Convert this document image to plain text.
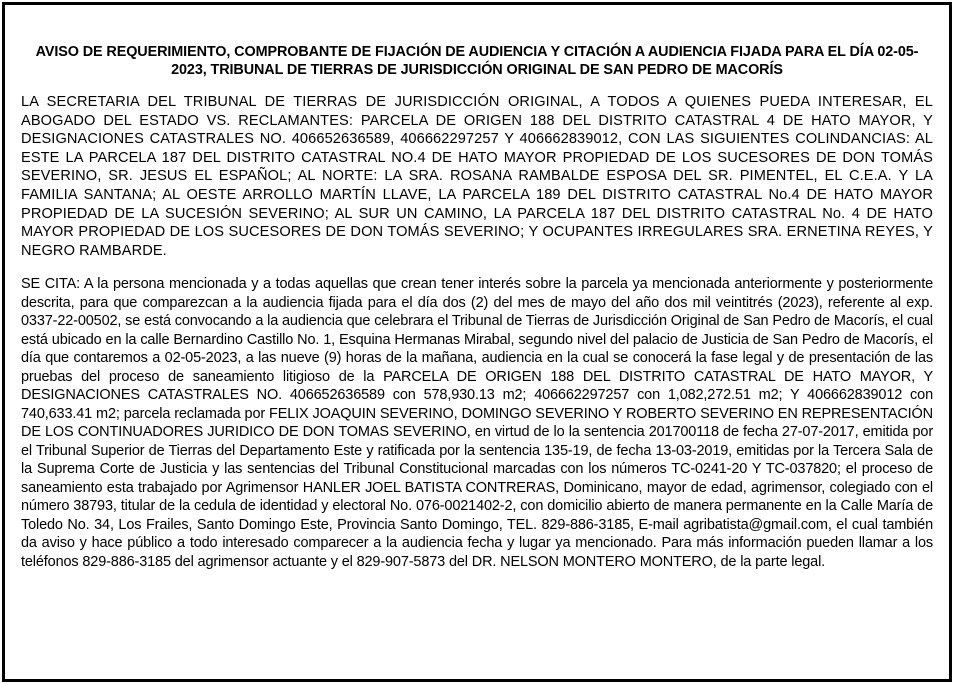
AVISO DE REQUERIMIENTO, COMPROBANTE DE FIJACIÓN DE AUDIENCIA Y CITACIÓN A AUDIENCIA FIJADA PARA EL DÍA 02-05-2023, TRIBUNAL DE TIERRAS DE JURISDICCIÓN ORIGINAL DE SAN PEDRO DE MACORÍS

LA SECRETARIA DEL TRIBUNAL DE TIERRAS DE JURISDICCIÓN ORIGINAL, A TODOS A QUIENES PUEDA INTERESAR, EL ABOGADO DEL ESTADO VS. RECLAMANTES: PARCELA DE ORIGEN 188 DEL DISTRITO CATASTRAL 4 DE HATO MAYOR, Y DESIGNACIONES CATASTRALES NO. 406652636589, 406662297257 Y 406662839012, CON LAS SIGUIENTES COLINDANCIAS: AL ESTE LA PARCELA 187 DEL DISTRITO CATASTRAL NO.4 DE HATO MAYOR PROPIEDAD DE LOS SUCESORES DE DON TOMÁS SEVERINO, SR. JESUS EL ESPAÑOL; AL NORTE: LA SRA. ROSANA RAMBALDE ESPOSA DEL SR. PIMENTEL, EL C.E.A. Y LA FAMILIA SANTANA; AL OESTE ARROLLO MARTÍN LLAVE, LA PARCELA 189 DEL DISTRITO CATASTRAL No.4 DE HATO MAYOR PROPIEDAD DE LA SUCESIÓN SEVERINO; AL SUR UN CAMINO, LA PARCELA 187 DEL DISTRITO CATASTRAL No. 4 DE HATO MAYOR PROPIEDAD DE LOS SUCESORES DE DON TOMÁS SEVERINO; Y OCUPANTES IRREGULARES SRA. ERNETINA REYES, Y NEGRO RAMBARDE.

SE CITA: A la persona mencionada y a todas aquellas que crean tener interés sobre la parcela ya mencionada anteriormente y posteriormente descrita, para que comparezcan a la audiencia fijada para el día dos (2) del mes de mayo del año dos mil veintitrés (2023), referente al exp. 0337-22-00502, se está convocando a la audiencia que celebrara el Tribunal de Tierras de Jurisdicción Original de San Pedro de Macorís, el cual está ubicado en la calle Bernardino Castillo No. 1, Esquina Hermanas Mirabal, segundo nivel del palacio de Justicia de San Pedro de Macorís, el día que contaremos a 02-05-2023, a las nueve (9) horas de la mañana, audiencia en la cual se conocerá la fase legal y de presentación de las pruebas del proceso de saneamiento litigioso de la PARCELA DE ORIGEN 188 DEL DISTRITO CATASTRAL DE HATO MAYOR, Y DESIGNACIONES CATASTRALES NO. 406652636589 con 578,930.13 m2; 406662297257 con 1,082,272.51 m2; Y 406662839012 con 740,633.41 m2; parcela reclamada por FELIX JOAQUIN SEVERINO, DOMINGO SEVERINO Y ROBERTO SEVERINO EN REPRESENTACIÓN DE LOS CONTINUADORES JURIDICO DE DON TOMAS SEVERINO, en virtud de lo la sentencia 201700118 de fecha 27-07-2017, emitida por el Tribunal Superior de Tierras del Departamento Este y ratificada por la sentencia 135-19, de fecha 13-03-2019, emitidas por la Tercera Sala de la Suprema Corte de Justicia y las sentencias del Tribunal Constitucional marcadas con los números TC-0241-20 Y TC-037820; el proceso de saneamiento esta trabajado por Agrimensor HANLER JOEL BATISTA CONTRERAS, Dominicano, mayor de edad, agrimensor, colegiado con el número 38793, titular de la cedula de identidad y electoral No. 076-0021402-2, con domicilio abierto de manera permanente en la Calle María de Toledo No. 34, Los Frailes, Santo Domingo Este, Provincia Santo Domingo, TEL. 829-886-3185, E-mail agribatista@gmail.com, el cual también da aviso y hace público a todo interesado comparecer a la audiencia fecha y lugar ya mencionado. Para más información pueden llamar a los teléfonos 829-886-3185 del agrimensor actuante y el 829-907-5873 del DR. NELSON MONTERO MONTERO, de la parte legal.
